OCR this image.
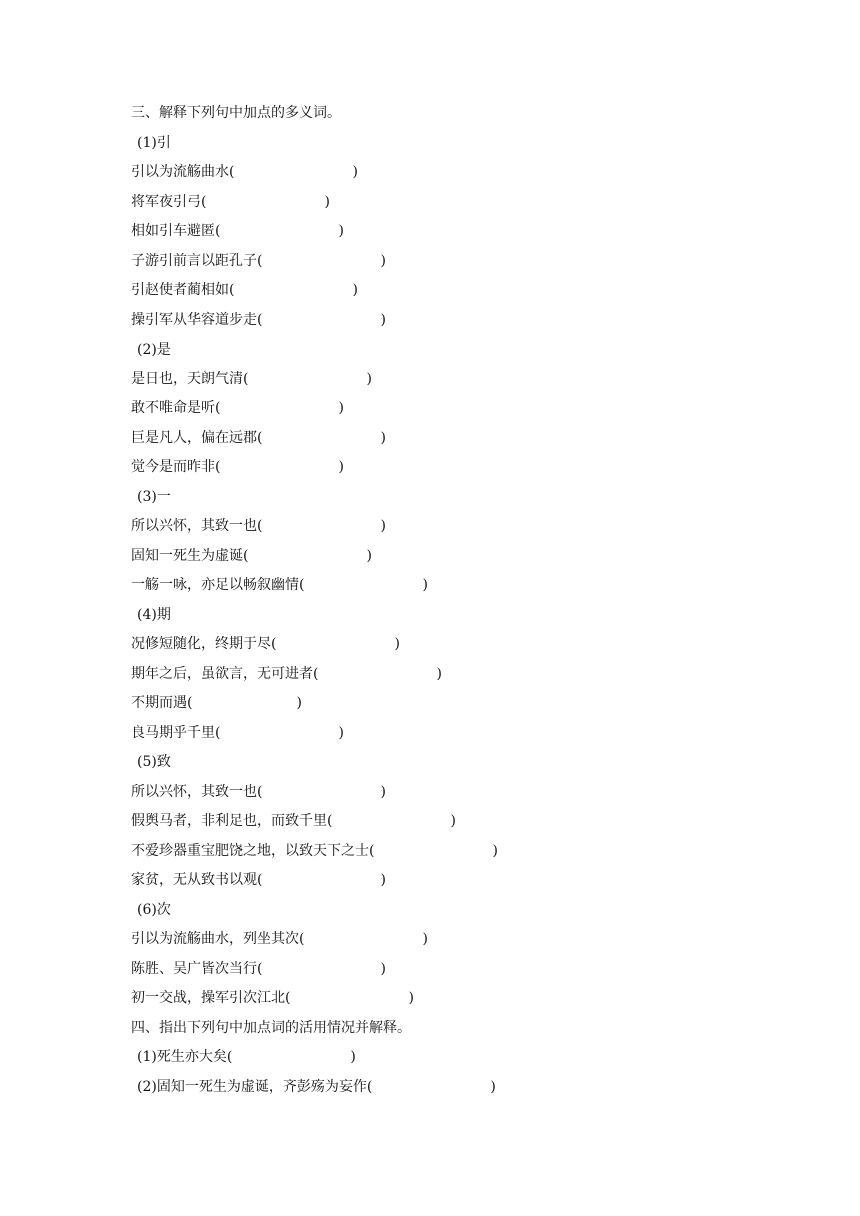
三、解释下列句中加点的多义词。
(1)引
引以为流觞曲水(	)
将军夜引弓(	)
相如引车避匿(	)
子游引前言以距孔子(	)
引赵使者蔺相如(	)
操引军从华容道步走(	)
(2)是
是日也，天朗气清(	)
敢不唯命是听(	)
巨是凡人，偏在远郡(	)
觉今是而昨非(	)
(3)一
所以兴怀，其致一也(	)
固知一死生为虚诞(	)
一觞一咏，亦足以畅叙幽情(	)
(4)期
况修短随化，终期于尽(	)
期年之后，虽欲言，无可进者(	)
不期而遇(	)
良马期乎千里(	)
(5)致
所以兴怀，其致一也(	)
假舆马者，非利足也，而致千里(	)
不爱珍器重宝肥饶之地，以致天下之士(	)
家贫，无从致书以观(	)
(6)次
引以为流觞曲水，列坐其次(	)
陈胜、吴广皆次当行(	)
初一交战，操军引次江北(	)
四、指出下列句中加点词的活用情况并解释。
(1)死生亦大矣(	)
(2)固知一死生为虚诞，齐彭殇为妄作(	)
